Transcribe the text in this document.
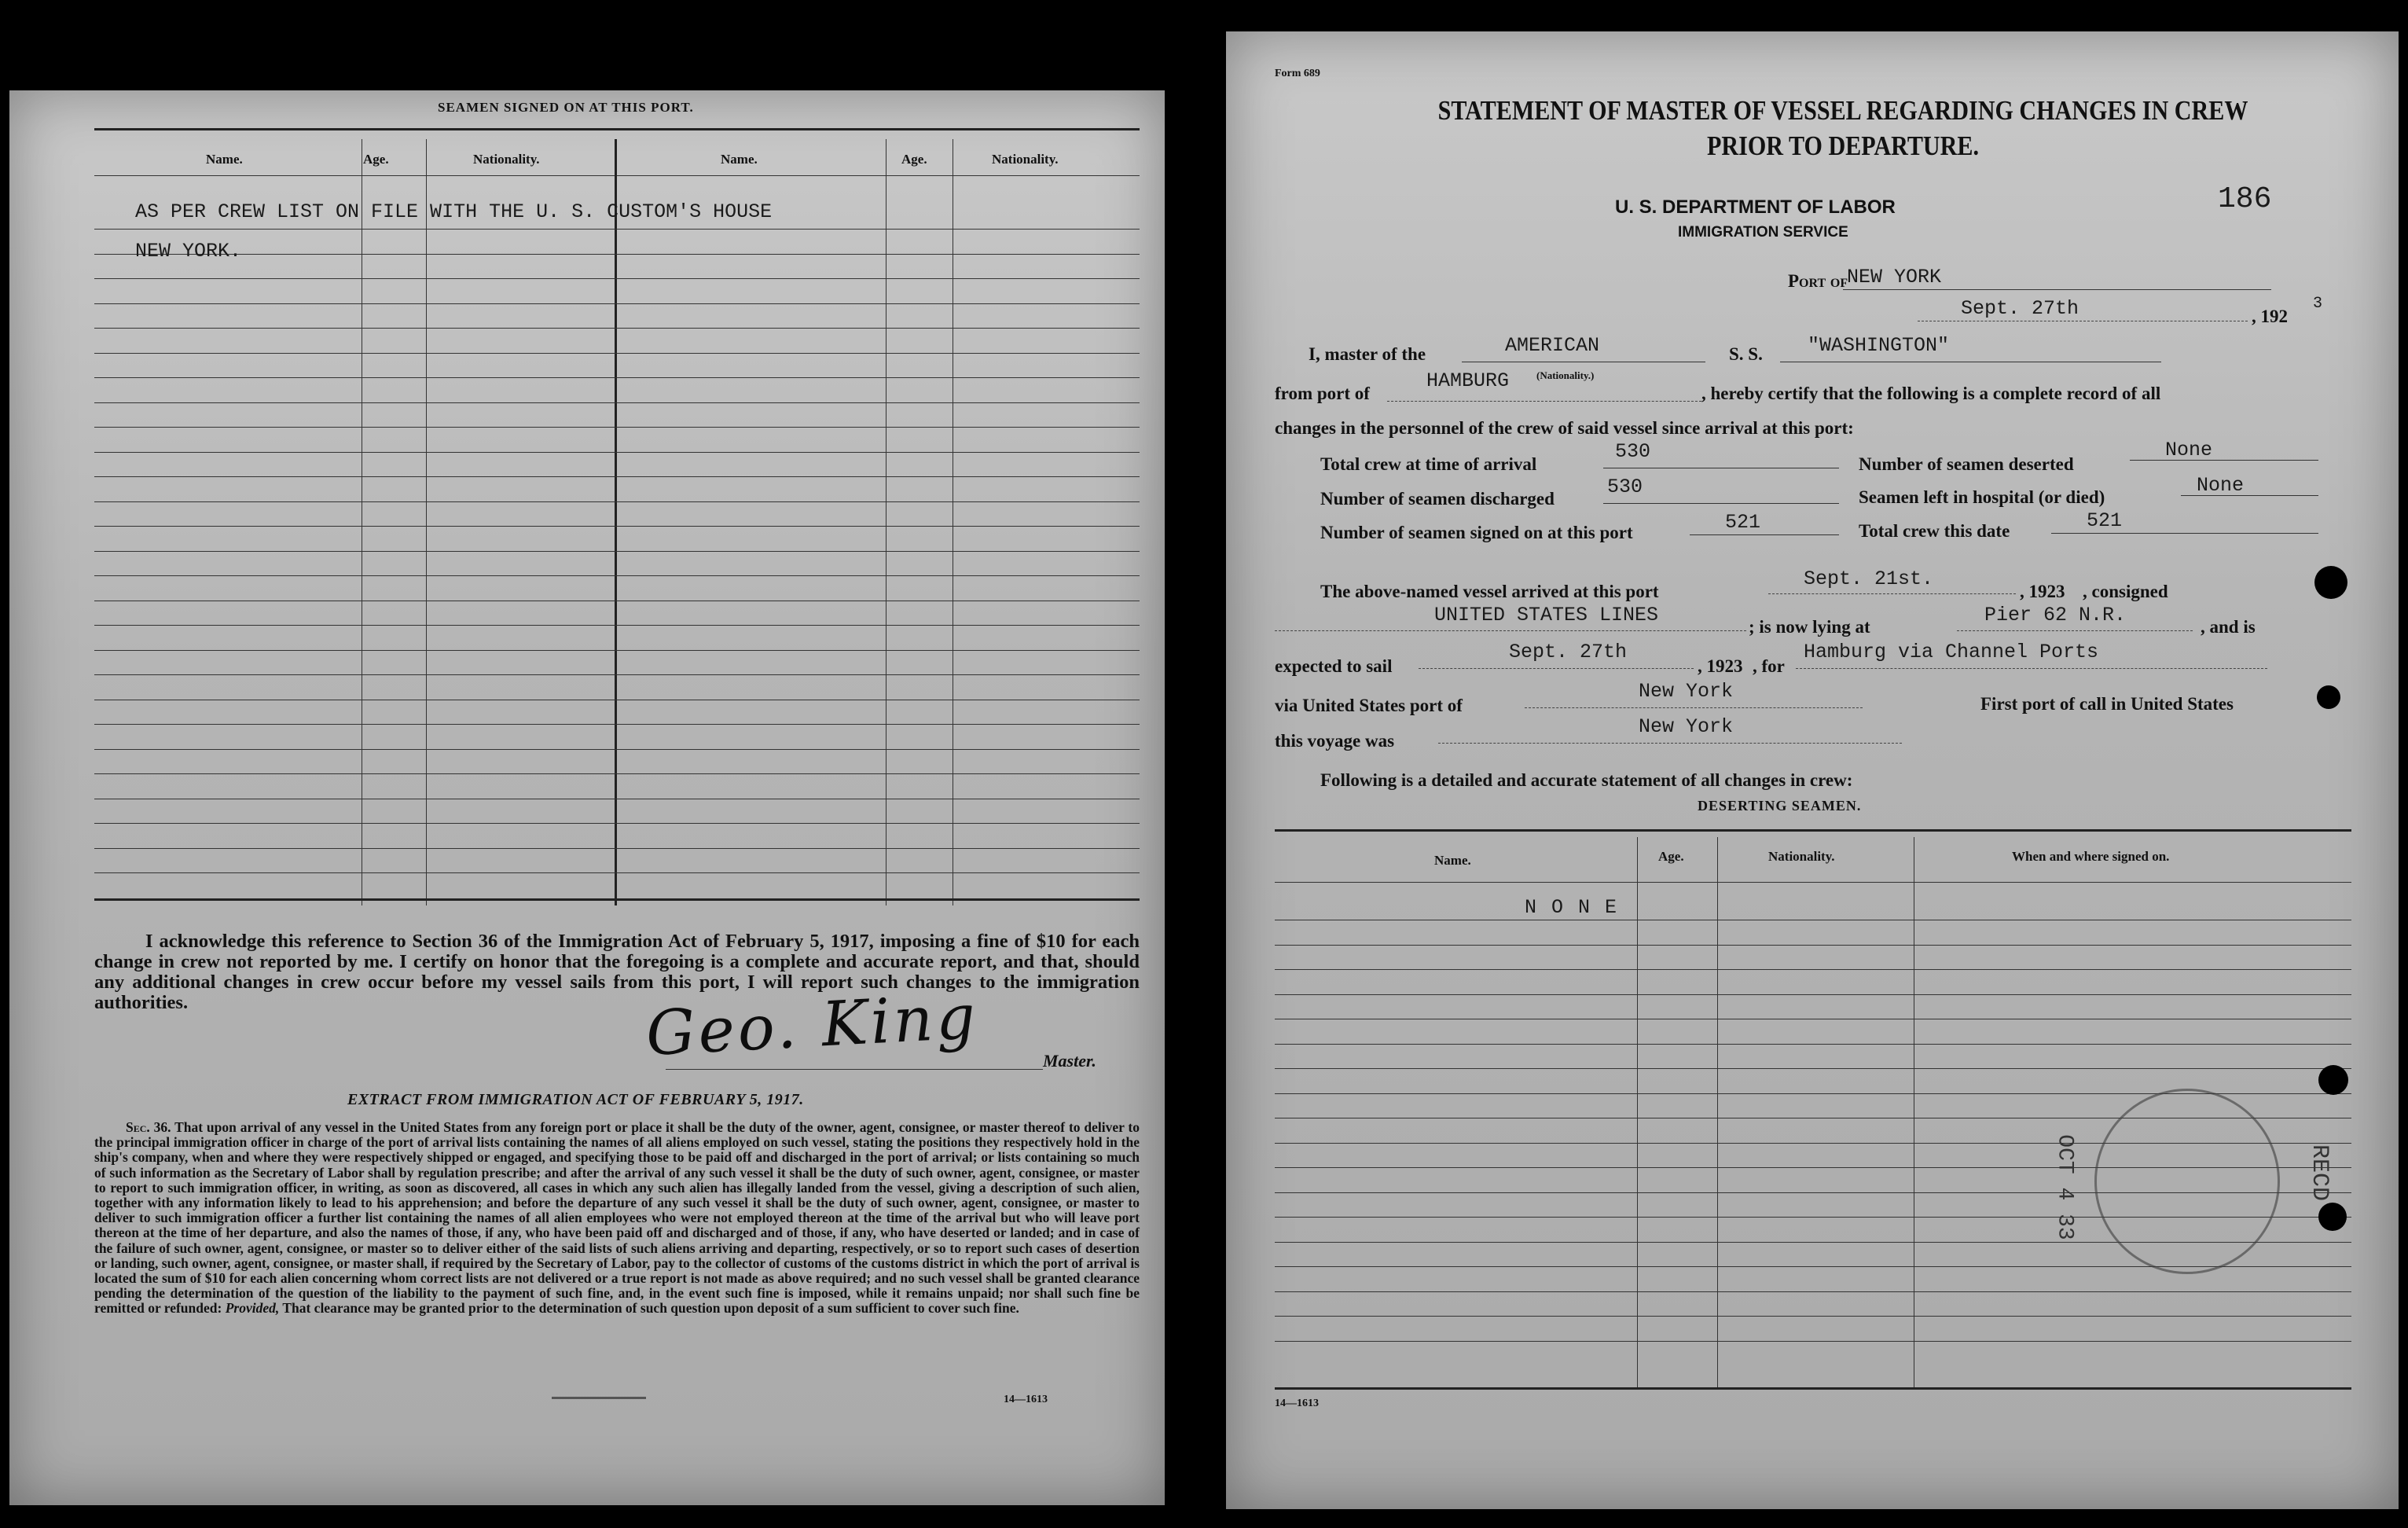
SEAMEN SIGNED ON AT THIS PORT.
Name.	Age.	Nationality.	Name.	Age.	Nationality.
AS PER CREW LIST ON FILE WITH THE U. S. CUSTOM'S HOUSE
NEW YORK.
I acknowledge this reference to Section 36 of the Immigration Act of February 5, 1917, imposing a fine of $10 for each change in crew not reported by me. I certify on honor that the foregoing is a complete and accurate report, and that, should any additional changes in crew occur before my vessel sails from this port, I will report such changes to the immigration authorities.	Geo. King	Master.
EXTRACT FROM IMMIGRATION ACT OF FEBRUARY 5, 1917.
Sec. 36. That upon arrival of any vessel in the United States from any foreign port or place it shall be the duty of the owner, agent, consignee, or master thereof to deliver to the principal immigration officer in charge of the port of arrival lists containing the names of all aliens employed on such vessel, stating the positions they respectively hold in the ship's company, when and where they were respectively shipped or engaged, and specifying those to be paid off and discharged in the port of arrival; or lists containing so much of such information as the Secretary of Labor shall by regulation prescribe; and after the arrival of any such vessel it shall be the duty of such owner, agent, consignee, or master to report to such immigration officer, in writing, as soon as discovered, all cases in which any such alien has illegally landed from the vessel, giving a description of such alien, together with any information likely to lead to his apprehension; and before the departure of any such vessel it shall be the duty of such owner, agent, consignee, or master to deliver to such immigration officer a further list containing the names of all alien employees who were not employed thereon at the time of the arrival but who will leave port thereon at the time of her departure, and also the names of those, if any, who have been paid off and discharged and of those, if any, who have deserted or landed; and in case of the failure of such owner, agent, consignee, or master so to deliver either of the said lists of such aliens arriving and departing, respectively, or so to report such cases of desertion or landing, such owner, agent, consignee, or master shall, if required by the Secretary of Labor, pay to the collector of customs of the customs district in which the port of arrival is located the sum of $10 for each alien concerning whom correct lists are not delivered or a true report is not made as above required; and no such vessel shall be granted clearance pending the determination of the question of the liability to the payment of such fine, and, in the event such fine is imposed, while it remains unpaid; nor shall such fine be remitted or refunded: Provided, That clearance may be granted prior to the determination of such question upon deposit of a sum sufficient to cover such fine.
14—1613
Form 689
STATEMENT OF MASTER OF VESSEL REGARDING CHANGES IN CREW
PRIOR TO DEPARTURE.
U. S. DEPARTMENT OF LABOR
IMMIGRATION SERVICE
186
Port of
NEW YORK
Sept. 27th	, 192
3
I, master of the	AMERICAN	S. S. "WASHINGTON"
from port of
HAMBURG	(Nationality.)
, hereby certify that the following is a complete record of all
changes in the personnel of the crew of said vessel since arrival at this port:
Total crew at time of arrival
530
Number of seamen deserted
None
Number of seamen discharged
530	Seamen left in hospital (or died)
None
Number of seamen signed on at this port	521	Total crew this date	521
The above-named vessel arrived at this port
Sept. 21st.
, 1923 , consigned
UNITED STATES LINES
; is now lying at
Pier 62 N.R.
, and is
expected to sail
Sept. 27th
, 1923 , for
Hamburg via Channel Ports
via United States port of
New York
First port of call in United States
this voyage was
New York
Following is a detailed and accurate statement of all changes in crew:
DESERTING SEAMEN.
Name.	Age.	Nationality.	When and where signed on.
N O N E
OCT 4 33	RECD
14—1613
